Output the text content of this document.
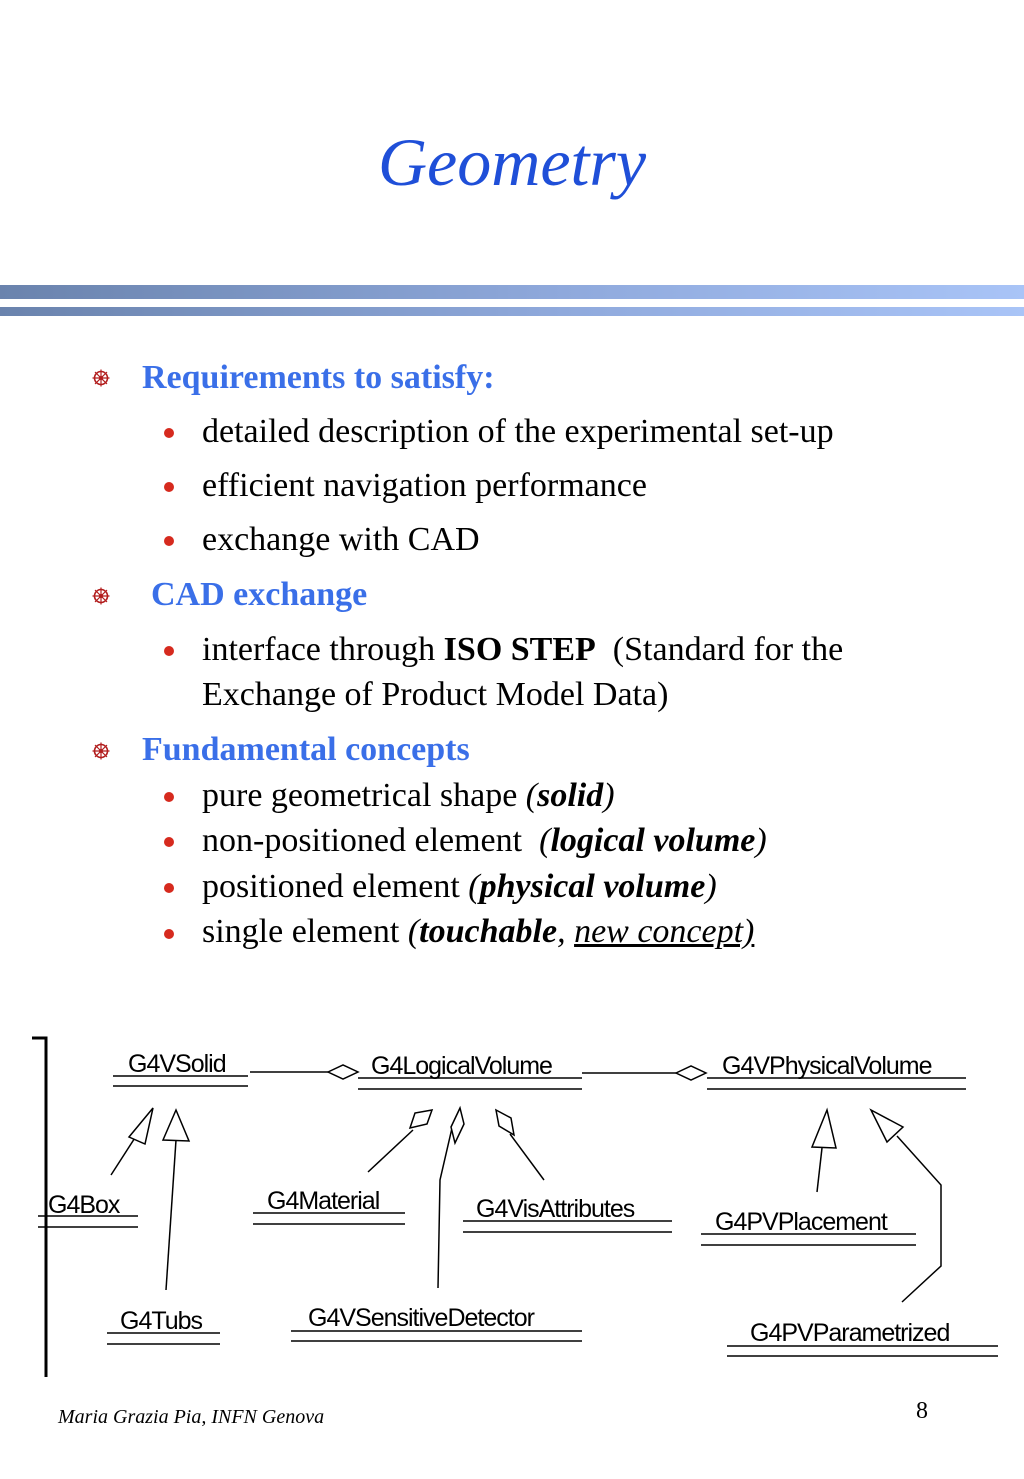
Geometry
Requirements to satisfy:
detailed description of the experimental set-up
efficient navigation performance
exchange with CAD
CAD exchange
interface through ISO STEP  (Standard for the
Exchange of Product Model Data)
Fundamental concepts
pure geometrical shape (solid)
non-positioned element  (logical volume)
positioned element (physical volume)
single element (touchable, new concept)
G4VSolid	G4LogicalVolume	G4VPhysicalVolume
G4Box	G4Material	G4VisAttributes	G4PVPlacement
G4Tubs	G4VSensitiveDetector
G4PVParametrized
Maria Grazia Pia, INFN Genova	8
